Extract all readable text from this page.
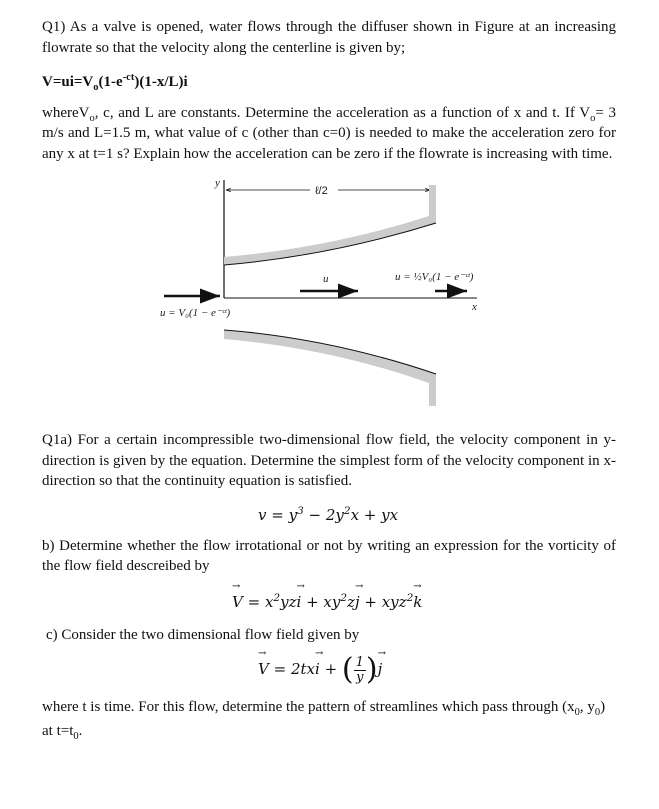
Q1) As a valve is opened, water flows through the diffuser shown in Figure at an increasing flowrate so that the velocity along the centerline is given by;
$V=ui=V_o(1-e^{-ct})(1-x/L)i$
whereV$_o$, c, and L are constants. Determine the acceleration as a function of x and t. If $V_o= 3$ m/s and L=1.5 m, what value of c (other than c=0) is needed to make the acceleration zero for any x at t=1 s? Explain how the acceleration can be zero if the flowrate is increasing with time.
y
x
ℓ/2
u = V₀(1 − e⁻ᶜᵗ)
u	u = ½V₀(1 − e⁻ᶜᵗ)
Q1a) For a certain incompressible two-dimensional flow field, the velocity component in y-direction is given by the equation. Determine the simplest form of the velocity component in x-direction so that the continuity equation is satisfied.
$v = y^3 - 2y^2x$ + yx
b) Determine whether the flow irrotational or not by writing an expression for the vorticity of the flow field descreibed by
→ $V = x^2yz\to i + xy^2z\to j + xyz^2\to k$
c) Consider the two dimensional flow field given by
→ V = 2tx→ i + ( $\frac{1}{y}$ )→ j
where t is time. For this flow, determine the pattern of streamlines which pass through ($x_0$, $y_0$)
at $t=t_0$.
